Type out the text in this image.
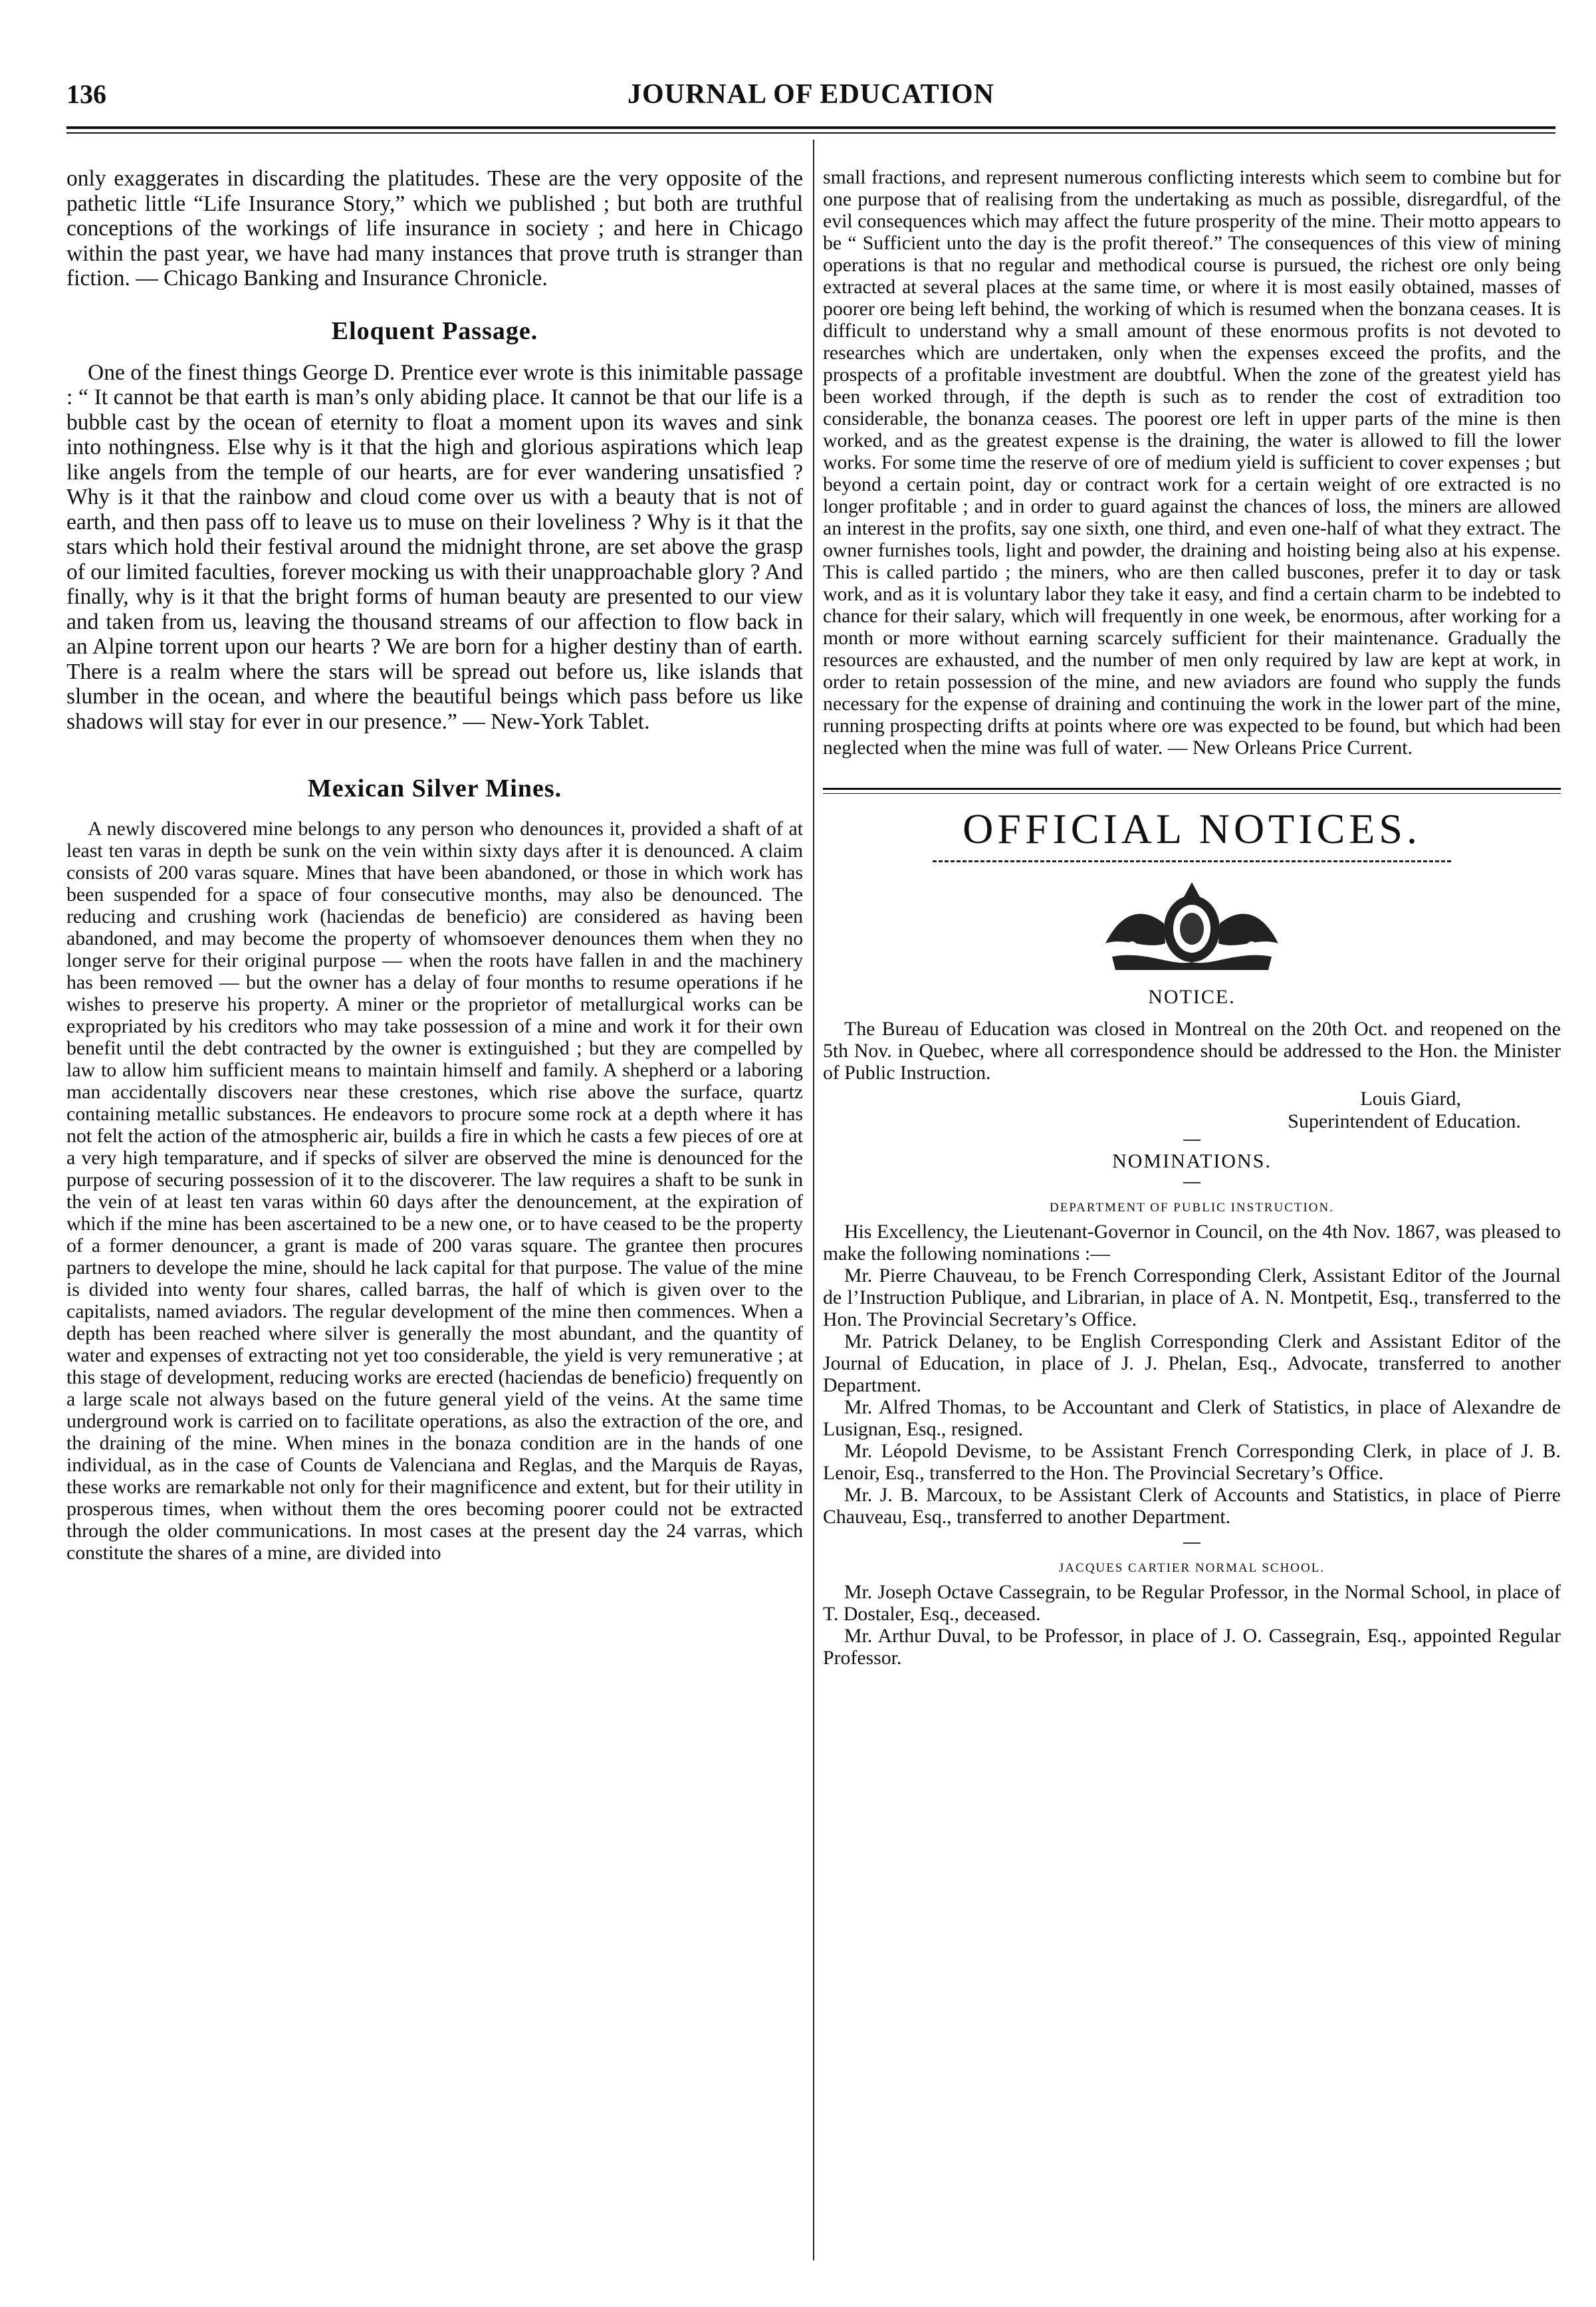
JOURNAL OF EDUCATION
136

only exaggerates in discarding the platitudes. These are the very opposite of the pathetic little “Life Insurance Story,” which we published ; but both are truthful conceptions of the workings of life insurance in society ; and here in Chicago within the past year, we have had many instances that prove truth is stranger than fiction. — Chicago Banking and Insurance Chronicle.

Eloquent Passage.

One of the finest things George D. Prentice ever wrote is this inimitable passage : “ It cannot be that earth is man’s only abiding place. It cannot be that our life is a bubble cast by the ocean of eternity to float a moment upon its waves and sink into nothingness. Else why is it that the high and glorious aspirations which leap like angels from the temple of our hearts, are for ever wandering unsatisfied ? Why is it that the rainbow and cloud come over us with a beauty that is not of earth, and then pass off to leave us to muse on their loveliness ? Why is it that the stars which hold their festival around the midnight throne, are set above the grasp of our limited faculties, forever mocking us with their unapproachable glory ? And finally, why is it that the bright forms of human beauty are presented to our view and taken from us, leaving the thousand streams of our affection to flow back in an Alpine torrent upon our hearts ? We are born for a higher destiny than of earth. There is a realm where the stars will be spread out before us, like islands that slumber in the ocean, and where the beautiful beings which pass before us like shadows will stay for ever in our presence.” — New-York Tablet.

Mexican Silver Mines.

A newly discovered mine belongs to any person who denounces it, provided a shaft of at least ten varas in depth be sunk on the vein within sixty days after it is denounced. A claim consists of 200 varas square. Mines that have been abandoned, or those in which work has been suspended for a space of four consecutive months, may also be denounced. The reducing and crushing work (haciendas de beneficio) are considered as having been abandoned, and may become the property of whomsoever denounces them when they no longer serve for their original purpose — when the roots have fallen in and the machinery has been removed — but the owner has a delay of four months to resume operations if he wishes to preserve his property. A miner or the proprietor of metallurgical works can be expropriated by his creditors who may take possession of a mine and work it for their own benefit until the debt contracted by the owner is extinguished ; but they are compelled by law to allow him sufficient means to maintain himself and family. A shepherd or a laboring man accidentally discovers near these crestones, which rise above the surface, quartz containing metallic substances. He endeavors to procure some rock at a depth where it has not felt the action of the atmospheric air, builds a fire in which he casts a few pieces of ore at a very high temparature, and if specks of silver are observed the mine is denounced for the purpose of securing possession of it to the discoverer. The law requires a shaft to be sunk in the vein of at least ten varas within 60 days after the denouncement, at the expiration of which if the mine has been ascertained to be a new one, or to have ceased to be the property of a former denouncer, a grant is made of 200 varas square. The grantee then procures partners to develope the mine, should he lack capital for that purpose. The value of the mine is divided into wenty four shares, called barras, the half of which is given over to the capitalists, named aviadors. The regular development of the mine then commences. When a depth has been reached where silver is generally the most abundant, and the quantity of water and expenses of extracting not yet too considerable, the yield is very remunerative ; at this stage of development, reducing works are erected (haciendas de beneficio) frequently on a large scale not always based on the future general yield of the veins. At the same time underground work is carried on to facilitate operations, as also the extraction of the ore, and the draining of the mine. When mines in the bonaza condition are in the hands of one individual, as in the case of Counts de Valenciana and Reglas, and the Marquis de Rayas, these works are remarkable not only for their magnificence and extent, but for their utility in prosperous times, when without them the ores becoming poorer could not be extracted through the older communications. In most cases at the present day the 24 varras, which constitute the shares of a mine, are divided into

small fractions, and represent numerous conflicting interests which seem to combine but for one purpose that of realising from the undertaking as much as possible, disregardful, of the evil consequences which may affect the future prosperity of the mine. Their motto appears to be “ Sufficient unto the day is the profit thereof.” The consequences of this view of mining operations is that no regular and methodical course is pursued, the richest ore only being extracted at several places at the same time, or where it is most easily obtained, masses of poorer ore being left behind, the working of which is resumed when the bonzana ceases. It is difficult to understand why a small amount of these enormous profits is not devoted to researches which are undertaken, only when the expenses exceed the profits, and the prospects of a profitable investment are doubtful. When the zone of the greatest yield has been worked through, if the depth is such as to render the cost of extradition too considerable, the bonanza ceases. The poorest ore left in upper parts of the mine is then worked, and as the greatest expense is the draining, the water is allowed to fill the lower works. For some time the reserve of ore of medium yield is sufficient to cover expenses ; but beyond a certain point, day or contract work for a certain weight of ore extracted is no longer profitable ; and in order to guard against the chances of loss, the miners are allowed an interest in the profits, say one sixth, one third, and even one-half of what they extract. The owner furnishes tools, light and powder, the draining and hoisting being also at his expense. This is called partido ; the miners, who are then called buscones, prefer it to day or task work, and as it is voluntary labor they take it easy, and find a certain charm to be indebted to chance for their salary, which will frequently in one week, be enormous, after working for a month or more without earning scarcely sufficient for their maintenance. Gradually the resources are exhausted, and the number of men only required by law are kept at work, in order to retain possession of the mine, and new aviadors are found who supply the funds necessary for the expense of draining and continuing the work in the lower part of the mine, running prospecting drifts at points where ore was expected to be found, but which had been neglected when the mine was full of water. — New Orleans Price Current.

OFFICIAL NOTICES.
NOTICE.

The Bureau of Education was closed in Montreal on the 20th Oct. and reopened on the 5th Nov. in Quebec, where all correspondence should be addressed to the Hon. the Minister of Public Instruction.

Louis Giard,

Superintendent of Education.

NOMINATIONS.
DEPARTMENT OF PUBLIC INSTRUCTION.

His Excellency, the Lieutenant-Governor in Council, on the 4th Nov. 1867, was pleased to make the following nominations :—

Mr. Pierre Chauveau, to be French Corresponding Clerk, Assistant Editor of the Journal de l’Instruction Publique, and Librarian, in place of A. N. Montpetit, Esq., transferred to the Hon. The Provincial Secretary’s Office.

Mr. Patrick Delaney, to be English Corresponding Clerk and Assistant Editor of the Journal of Education, in place of J. J. Phelan, Esq., Advocate, transferred to another Department.

Mr. Alfred Thomas, to be Accountant and Clerk of Statistics, in place of Alexandre de Lusignan, Esq., resigned.

Mr. Léopold Devisme, to be Assistant French Corresponding Clerk, in place of J. B. Lenoir, Esq., transferred to the Hon. The Provincial Secretary’s Office.

Mr. J. B. Marcoux, to be Assistant Clerk of Accounts and Statistics, in place of Pierre Chauveau, Esq., transferred to another Department.

JACQUES CARTIER NORMAL SCHOOL.

Mr. Joseph Octave Cassegrain, to be Regular Professor, in the Normal School, in place of T. Dostaler, Esq., deceased.

Mr. Arthur Duval, to be Professor, in place of J. O. Cassegrain, Esq., appointed Regular Professor.
